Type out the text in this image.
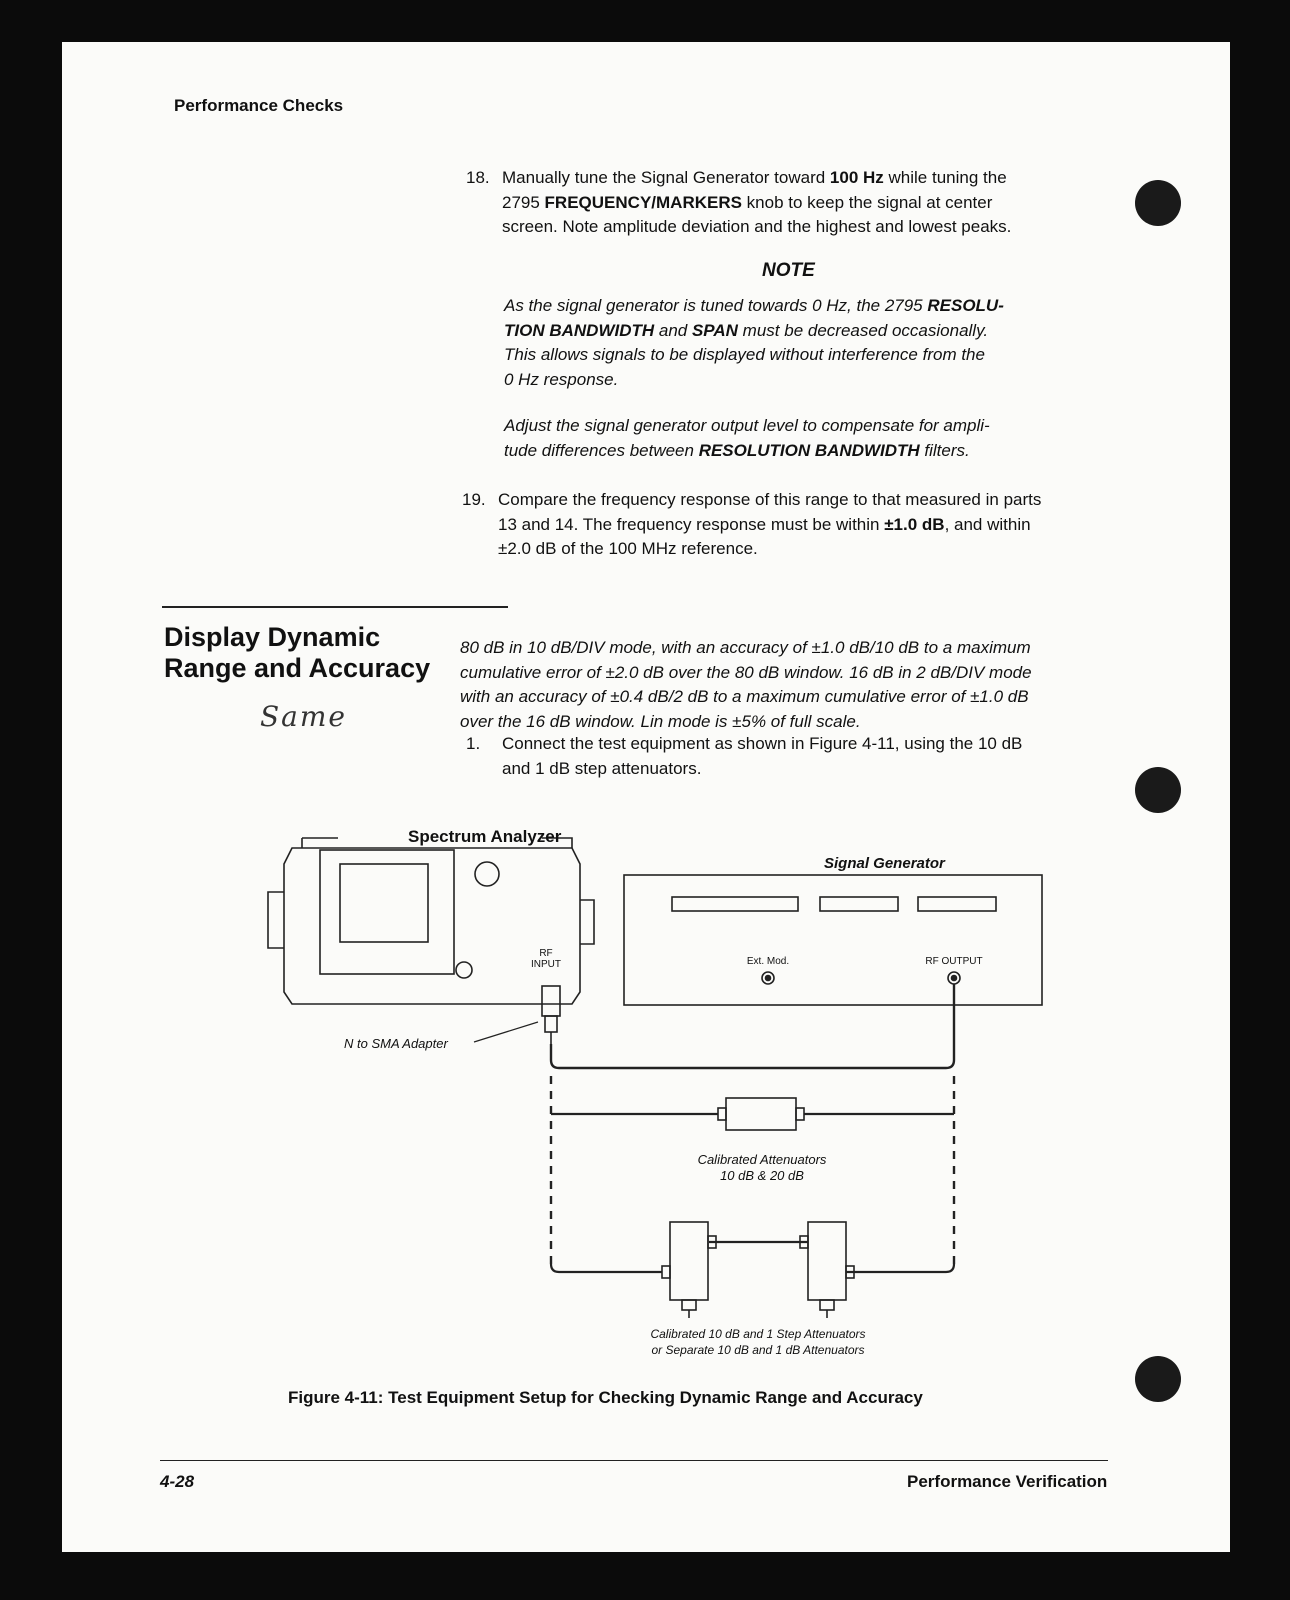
Performance Checks
18. Manually tune the Signal Generator toward 100 Hz while tuning the
2795 FREQUENCY/MARKERS knob to keep the signal at center
screen. Note amplitude deviation and the highest and lowest peaks.
NOTE
As the signal generator is tuned towards 0 Hz, the 2795 RESOLU-
TION BANDWIDTH and SPAN must be decreased occasionally.
This allows signals to be displayed without interference from the
0 Hz response.
Adjust the signal generator output level to compensate for ampli-
tude differences between RESOLUTION BANDWIDTH filters.
19. Compare the frequency response of this range to that measured in parts
13 and 14. The frequency response must be within ±1.0 dB, and within
±2.0 dB of the 100 MHz reference.
Display Dynamic
Range and Accuracy
Same
80 dB in 10 dB/DIV mode, with an accuracy of ±1.0 dB/10 dB to a maximum
cumulative error of ±2.0 dB over the 80 dB window. 16 dB in 2 dB/DIV mode
with an accuracy of ±0.4 dB/2 dB to a maximum cumulative error of ±1.0 dB
over the 16 dB window. Lin mode is ±5% of full scale.
1. Connect the test equipment as shown in Figure 4-11, using the 10 dB
and 1 dB step attenuators.
Spectrum Analyzer
Signal Generator
RF
INPUT	Ext. Mod.	RF OUTPUT
N to SMA Adapter
Calibrated Attenuators
10 dB & 20 dB
Calibrated 10 dB and 1 Step Attenuators
or Separate 10 dB and 1 dB Attenuators
Figure 4-11: Test Equipment Setup for Checking Dynamic Range and Accuracy
4-28	Performance Verification
